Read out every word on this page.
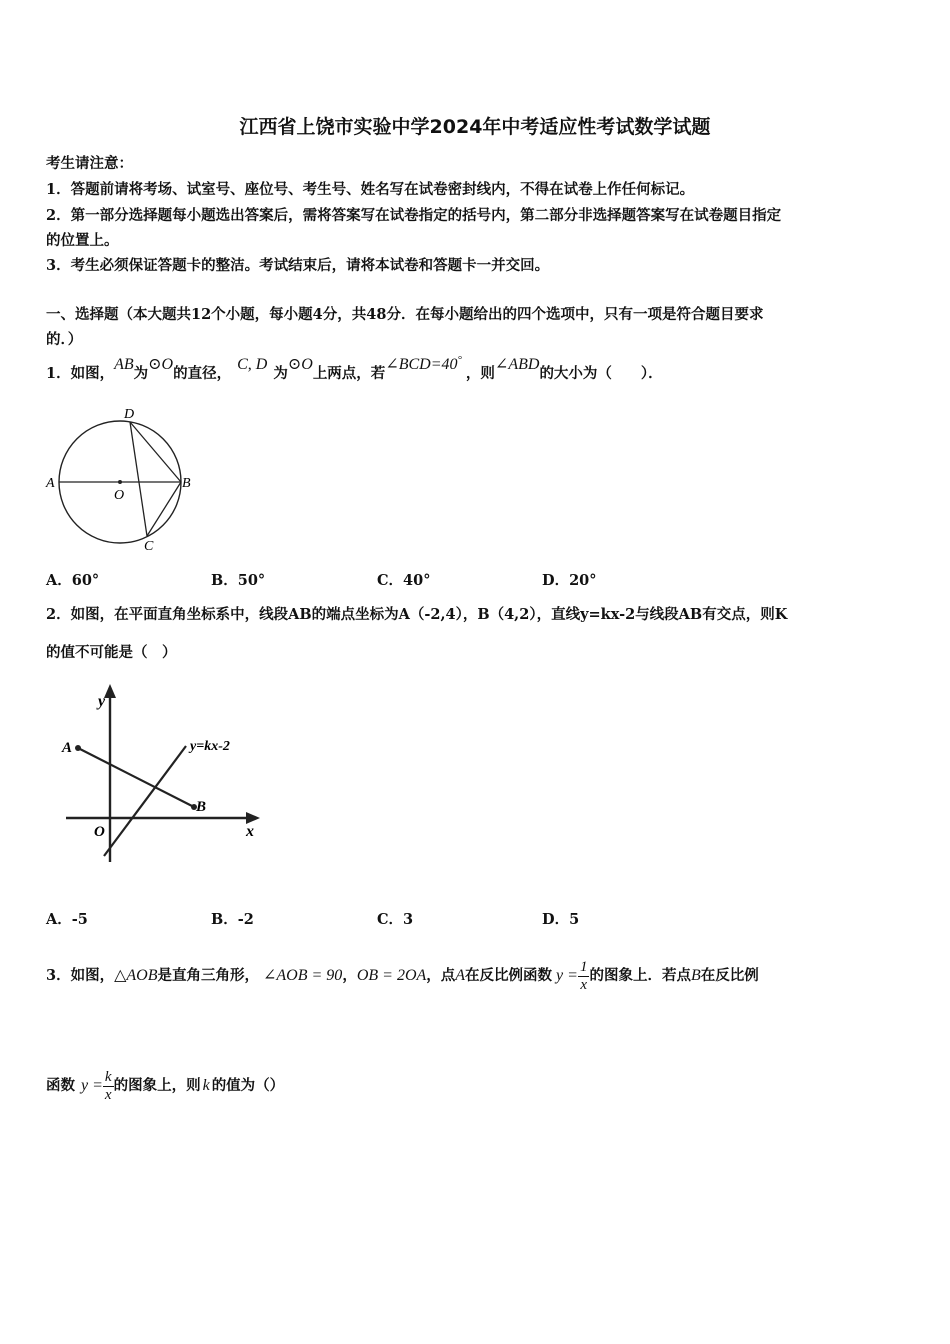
江西省上饶市实验中学2024年中考适应性考试数学试题
考生请注意：
1．答题前请将考场、试室号、座位号、考生号、姓名写在试卷密封线内，不得在试卷上作任何标记。
2．第一部分选择题每小题选出答案后，需将答案写在试卷指定的括号内，第二部分非选择题答案写在试卷题目指定
的位置上。
3．考生必须保证答题卡的整洁。考试结束后，请将本试卷和答题卡一并交回。
一、选择题（本大题共12个小题，每小题4分，共48分．在每小题给出的四个选项中，只有一项是符合题目要求
的．）
1．如图，AB为⊙O的直径，C, D为⊙O上两点，若∠BCD=40°，则∠ABD的大小为（　　）．
A	B
C
D
O
A．60°	B．50°	C．40°	D．20°
2．如图，在平面直角坐标系中，线段AB的端点坐标为A（-2,4），B（4,2），直线y=kx-2与线段AB有交点，则K
的值不可能是（　）
y
x
O
A
B
y=kx-2
A．-5	B．-2	C．3	D．5
3．如图，△AOB是直角三角形， ∠AOB = 90，OB = 2OA，点A在反比例函数 $y = \frac{1}{x}$ 的图象上．若点B在反比例
函数 $y = \frac{k}{x}$ 的图象上，则 k 的值为（）
